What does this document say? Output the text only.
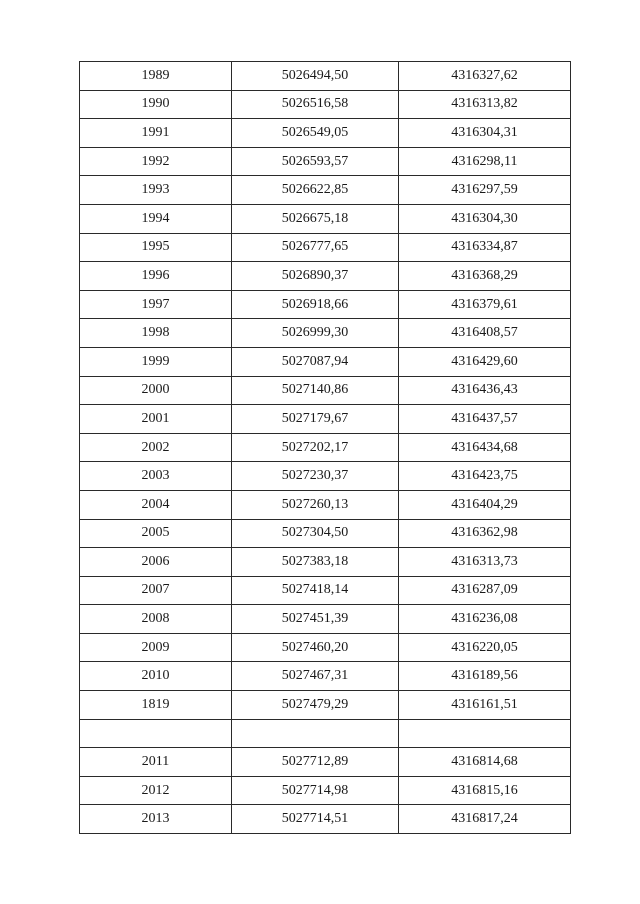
1989	5026494,50	4316327,62
1990	5026516,58	4316313,82
1991	5026549,05	4316304,31
1992	5026593,57	4316298,11
1993	5026622,85	4316297,59
1994	5026675,18	4316304,30
1995	5026777,65	4316334,87
1996	5026890,37	4316368,29
1997	5026918,66	4316379,61
1998	5026999,30	4316408,57
1999	5027087,94	4316429,60
2000	5027140,86	4316436,43
2001	5027179,67	4316437,57
2002	5027202,17	4316434,68
2003	5027230,37	4316423,75
2004	5027260,13	4316404,29
2005	5027304,50	4316362,98
2006	5027383,18	4316313,73
2007	5027418,14	4316287,09
2008	5027451,39	4316236,08
2009	5027460,20	4316220,05
2010	5027467,31	4316189,56
1819	5027479,29	4316161,51

2011	5027712,89	4316814,68
2012	5027714,98	4316815,16
2013	5027714,51	4316817,24
